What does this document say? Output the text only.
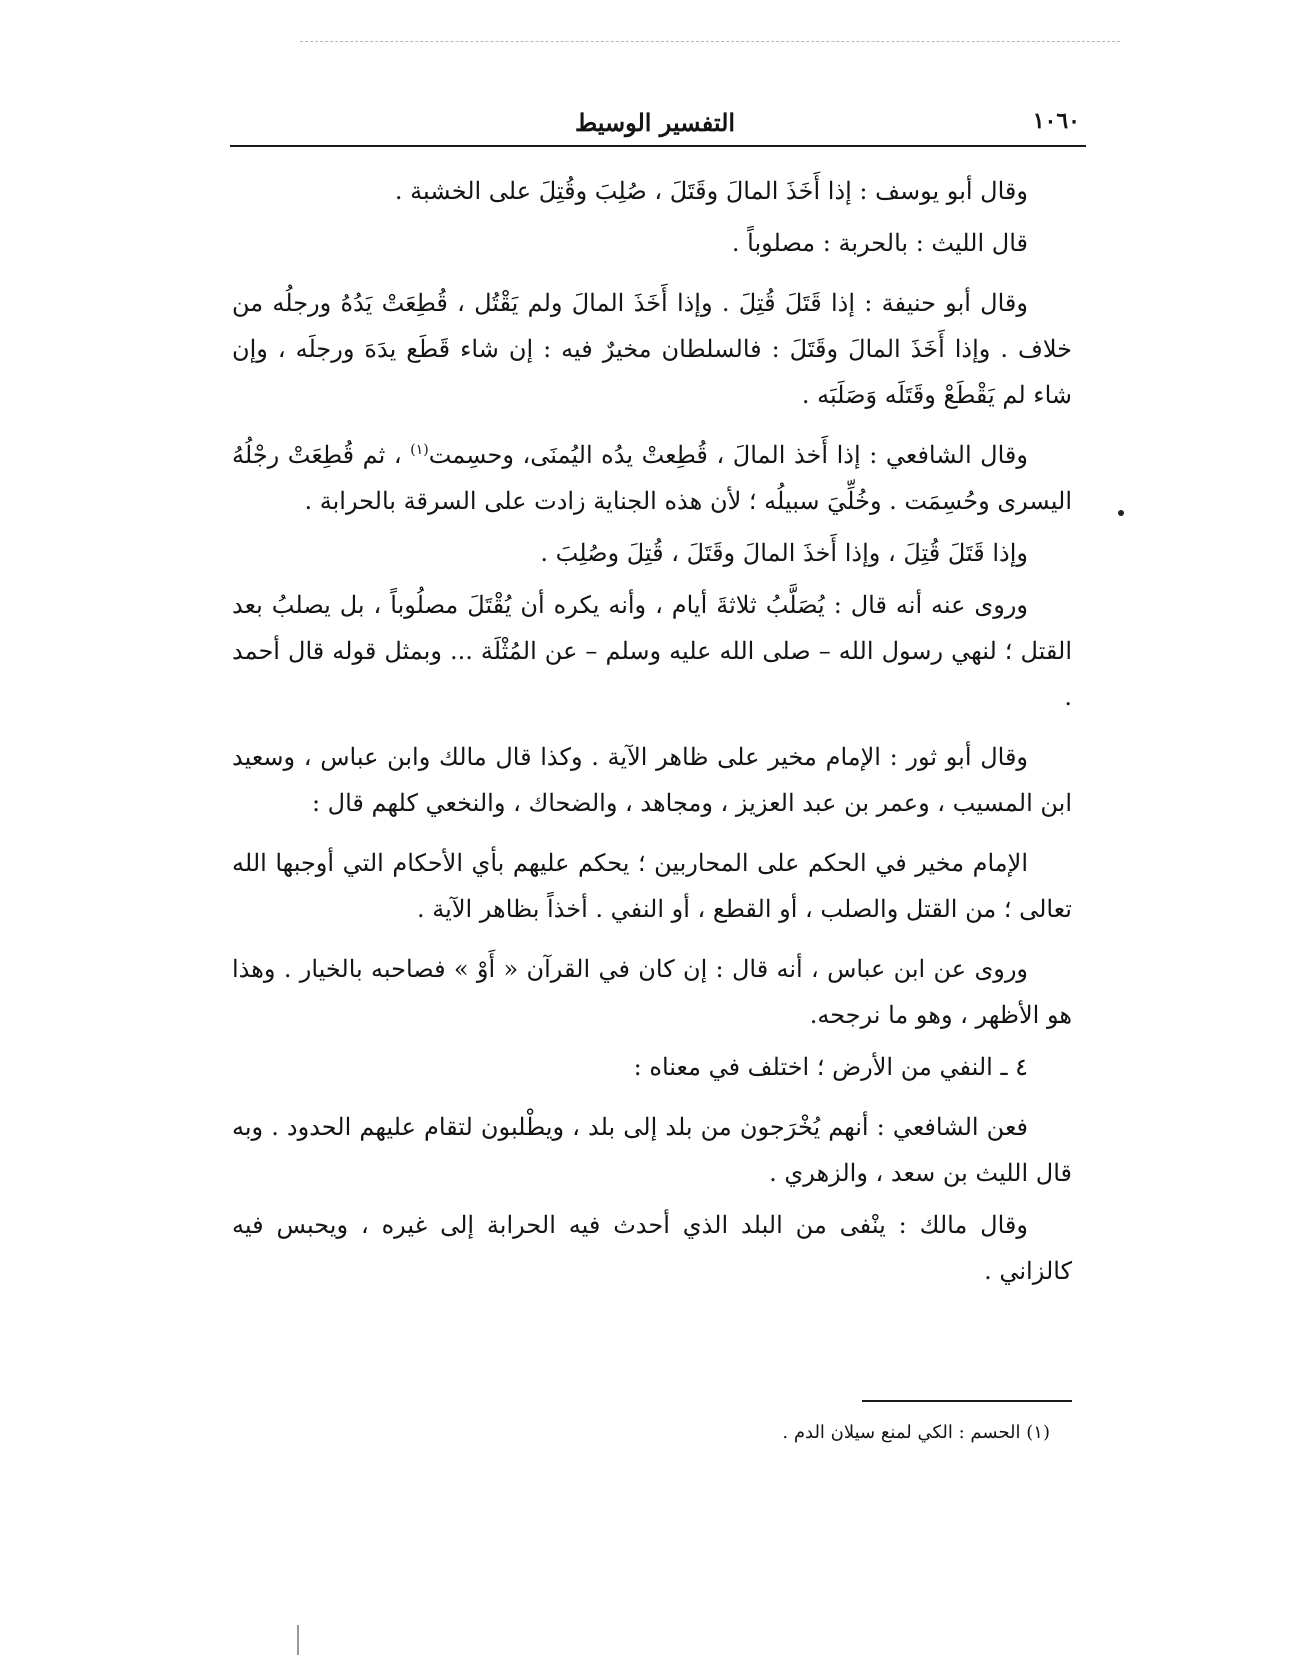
١٠٦٠
التفسير الوسيط

وقال أبو يوسف : إذا أَخَذَ المالَ وقَتَلَ ، صُلِبَ وقُتِلَ على الخشبة .

قال الليث : بالحربة : مصلوباً .

وقال أبو حنيفة : إذا قَتَلَ قُتِلَ . وإذا أَخَذَ المالَ ولم يَقْتُل ، قُطِعَتْ يَدُهُ ورجلُه من خلاف . وإذا أَخَذَ المالَ وقَتَلَ : فالسلطان مخيرٌ فيه : إن شاء قَطَع يدَهَ ورجلَه ، وإن شاء لم يَقْطَعْ وقَتَلَه وَصَلَبَه .

وقال الشافعي : إذا أَخذ المالَ ، قُطِعتْ يدُه اليُمنَى، وحسِمت$^{(١)}$ ، ثم قُطِعَتْ رجْلُهُ اليسرى وحُسِمَت . وخُلِّيَ سبيلُه ؛ لأن هذه الجناية زادت على السرقة بالحرابة .

وإذا قَتَلَ قُتِلَ ، وإذا أَخذَ المالَ وقَتَلَ ، قُتِلَ وصُلِبَ .

وروى عنه أنه قال : يُصَلَّبُ ثلاثةَ أيام ، وأنه يكره أن يُقْتَلَ مصلُوباً ، بل يصلبُ بعد القتل ؛ لنهي رسول الله – صلى الله عليه وسلم – عن المُثْلَة ... وبمثل قوله قال أحمد .

وقال أبو ثور : الإمام مخير على ظاهر الآية . وكذا قال مالك وابن عباس ، وسعيد ابن المسيب ، وعمر بن عبد العزيز ، ومجاهد ، والضحاك ، والنخعي كلهم قال :

الإمام مخير في الحكم على المحاربين ؛ يحكم عليهم بأي الأحكام التي أوجبها الله تعالى ؛ من القتل والصلب ، أو القطع ، أو النفي . أخذاً بظاهر الآية .

وروى عن ابن عباس ، أنه قال : إن كان في القرآن « أَوْ » فصاحبه بالخيار . وهذا هو الأظهر ، وهو ما نرجحه.

٤ ـ النفي من الأرض ؛ اختلف في معناه :

فعن الشافعي : أنهم يُخْرَجون من بلد إلى بلد ، ويطْلبون لتقام عليهم الحدود . وبه قال الليث بن سعد ، والزهري .

وقال مالك : ينْفى من البلد الذي أحدث فيه الحرابة إلى غيره ، ويحبس فيه كالزاني .

(١) الحسم : الكي لمنع سيلان الدم .
